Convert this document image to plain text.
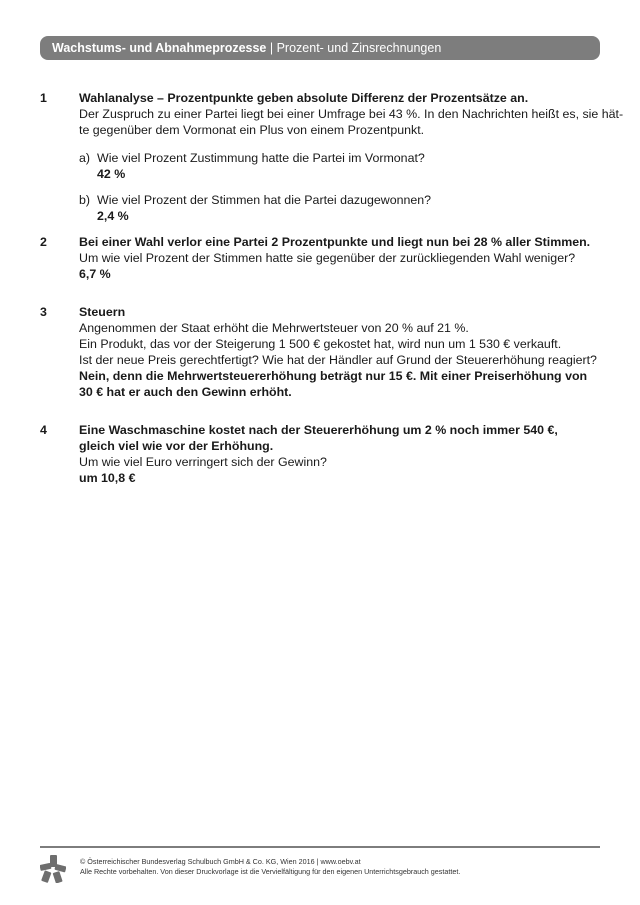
Wachstums- und Abnahmeprozesse | Prozent- und Zinsrechnungen
1	Wahlanalyse – Prozentpunkte geben absolute Differenz der Prozentsätze an.
Der Zuspruch zu einer Partei liegt bei einer Umfrage bei 43 %. In den Nachrichten heißt es, sie hät-
te gegenüber dem Vormonat ein Plus von einem Prozentpunkt.
a) Wie viel Prozent Zustimmung hatte die Partei im Vormonat?
42 %
b) Wie viel Prozent der Stimmen hat die Partei dazugewonnen?
2,4 %
2	Bei einer Wahl verlor eine Partei 2 Prozentpunkte und liegt nun bei 28 % aller Stimmen.
Um wie viel Prozent der Stimmen hatte sie gegenüber der zurückliegenden Wahl weniger?
6,7 %
3	Steuern
Angenommen der Staat erhöht die Mehrwertsteuer von 20 % auf 21 %.
Ein Produkt, das vor der Steigerung 1 500 € gekostet hat, wird nun um 1 530 € verkauft.
Ist der neue Preis gerechtfertigt? Wie hat der Händler auf Grund der Steuererhöhung reagiert?
Nein, denn die Mehrwertsteuererhöhung beträgt nur 15 €. Mit einer Preiserhöhung von
30 € hat er auch den Gewinn erhöht.
4	Eine Waschmaschine kostet nach der Steuererhöhung um 2 % noch immer 540 €,
gleich viel wie vor der Erhöhung.
Um wie viel Euro verringert sich der Gewinn?
um 10,8 €
© Österreichischer Bundesverlag Schulbuch GmbH & Co. KG, Wien 2016 | www.oebv.at
Alle Rechte vorbehalten. Von dieser Druckvorlage ist die Vervielfältigung für den eigenen Unterrichtsgebrauch gestattet.
